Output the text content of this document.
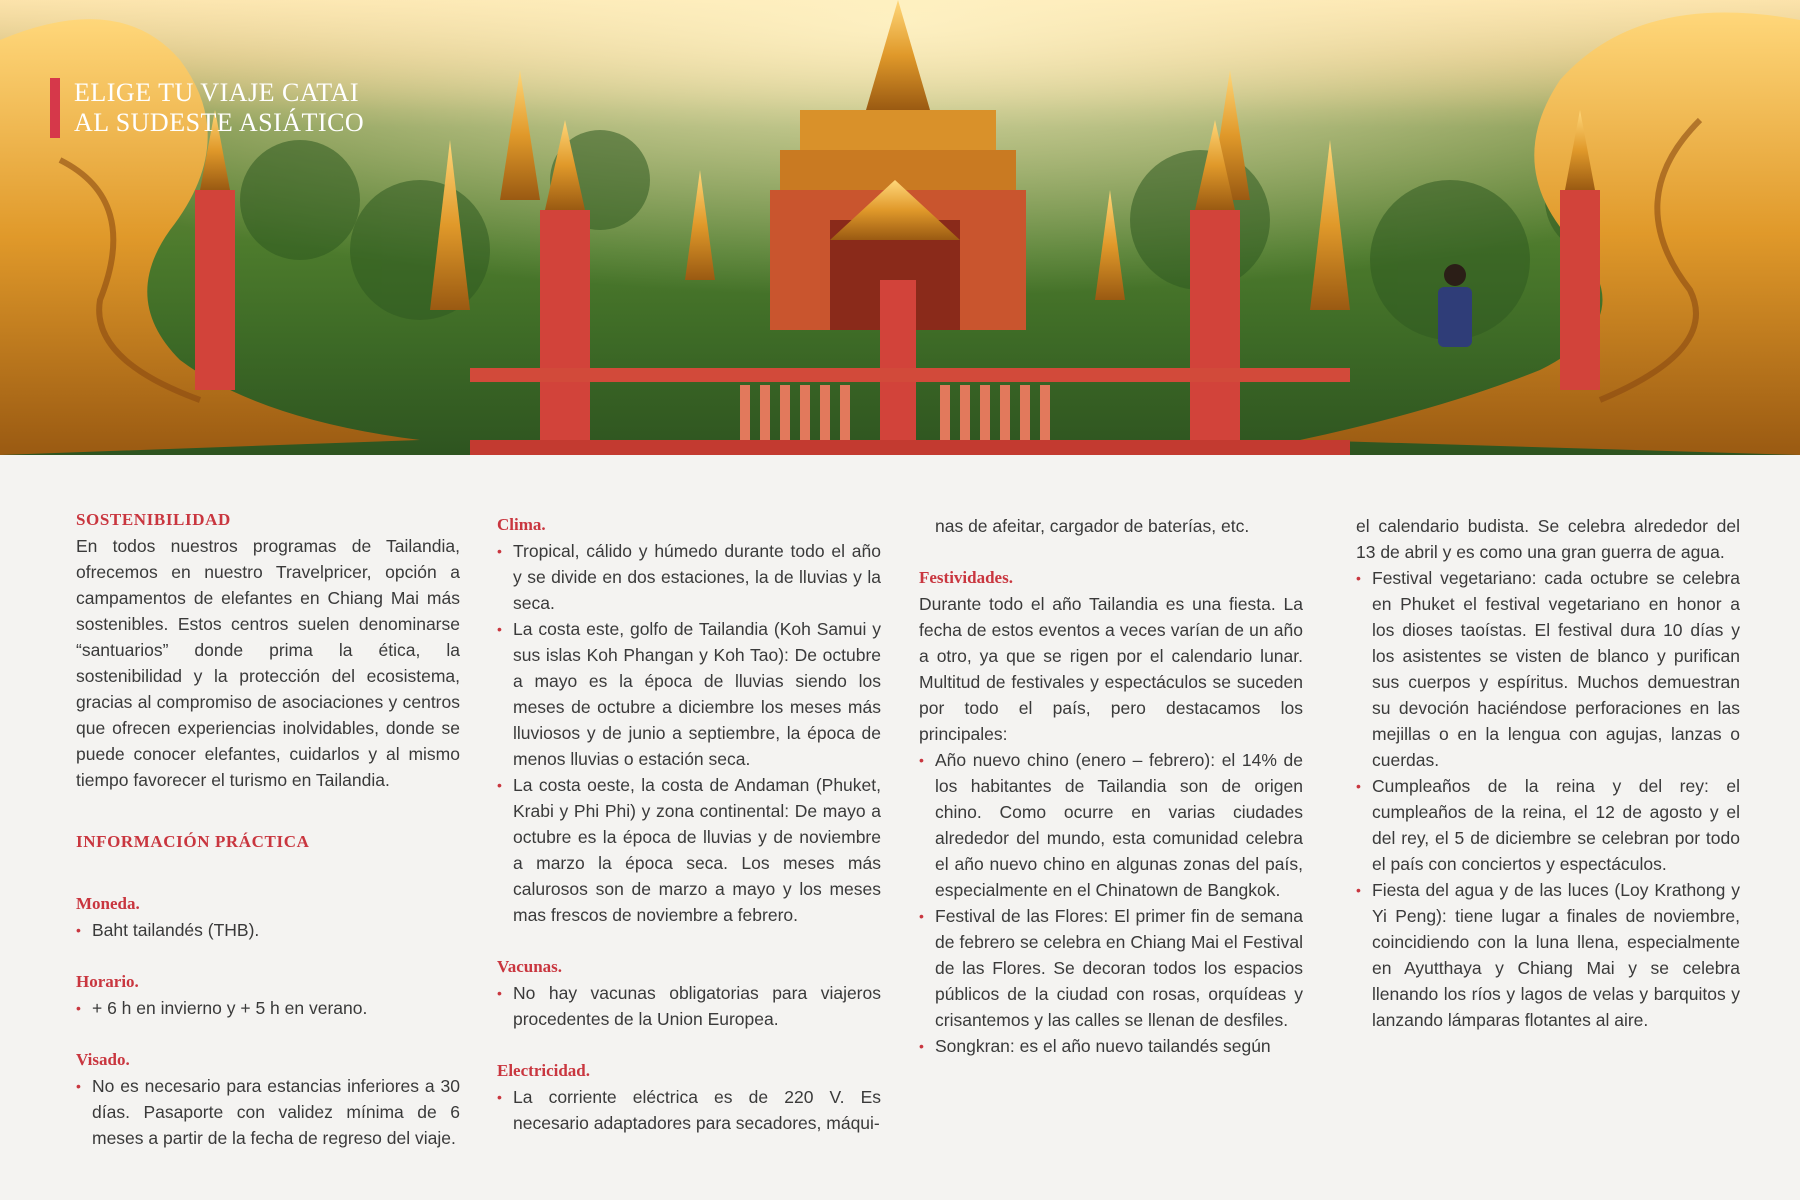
ELIGE TU VIAJE CATAI
AL SUDESTE ASIÁTICO
SOSTENIBILIDAD

En todos nuestros programas de Tailandia, ofrecemos en nuestro Travelpricer, opción a campamentos de elefantes en Chiang Mai más sostenibles. Estos centros suelen denominarse “santuarios” donde prima la ética, la sostenibilidad y la protección del ecosistema, gracias al compromiso de asociaciones y centros que ofrecen experiencias inolvidables, donde se puede conocer elefantes, cuidarlos y al mismo tiempo favorecer el turismo en Tailandia.

INFORMACIÓN PRÁCTICA
Moneda.
• Baht tailandés (THB).
Horario.
• + 6 h en invierno y + 5 h en verano.
Visado.
• No es necesario para estancias inferiores a 30 días. Pasaporte con validez mínima de 6 meses a partir de la fecha de regreso del viaje.
Clima.
• Tropical, cálido y húmedo durante todo el año y se divide en dos estaciones, la de lluvias y la seca.
• La costa este, golfo de Tailandia (Koh Samui y sus islas Koh Phangan y Koh Tao): De octubre a mayo es la época de lluvias siendo los meses de octubre a diciembre los meses más lluviosos y de junio a septiembre, la época de menos lluvias o estación seca.
• La costa oeste, la costa de Andaman (Phuket, Krabi y Phi Phi) y zona continental: De mayo a octubre es la época de lluvias y de noviembre a marzo la época seca. Los meses más calurosos son de marzo a mayo y los meses mas frescos de noviembre a febrero.
Vacunas.
• No hay vacunas obligatorias para viajeros procedentes de la Union Europea.
Electricidad.
• La corriente eléctrica es de 220 V. Es necesario adaptadores para secadores, máqui-

nas de afeitar, cargador de baterías, etc.

Festividades.

Durante todo el año Tailandia es una fiesta. La fecha de estos eventos a veces varían de un año a otro, ya que se rigen por el calendario lunar. Multitud de festivales y espectáculos se suceden por todo el país, pero destacamos los principales:

• Año nuevo chino (enero – febrero): el 14% de los habitantes de Tailandia son de origen chino. Como ocurre en varias ciudades alrededor del mundo, esta comunidad celebra el año nuevo chino en algunas zonas del país, especialmente en el Chinatown de Bangkok.
• Festival de las Flores: El primer fin de semana de febrero se celebra en Chiang Mai el Festival de las Flores. Se decoran todos los espacios públicos de la ciudad con rosas, orquídeas y crisantemos y las calles se llenan de desfiles.
• Songkran: es el año nuevo tailandés según

el calendario budista. Se celebra alrededor del 13 de abril y es como una gran guerra de agua.

• Festival vegetariano: cada octubre se celebra en Phuket el festival vegetariano en honor a los dioses taoístas. El festival dura 10 días y los asistentes se visten de blanco y purifican sus cuerpos y espíritus. Muchos demuestran su devoción haciéndose perforaciones en las mejillas o en la lengua con agujas, lanzas o cuerdas.
• Cumpleaños de la reina y del rey: el cumpleaños de la reina, el 12 de agosto y el del rey, el 5 de diciembre se celebran por todo el país con conciertos y espectáculos.
• Fiesta del agua y de las luces (Loy Krathong y Yi Peng): tiene lugar a finales de noviembre, coincidiendo con la luna llena, especialmente en Ayutthaya y Chiang Mai y se celebra llenando los ríos y lagos de velas y barquitos y lanzando lámparas flotantes al aire.
